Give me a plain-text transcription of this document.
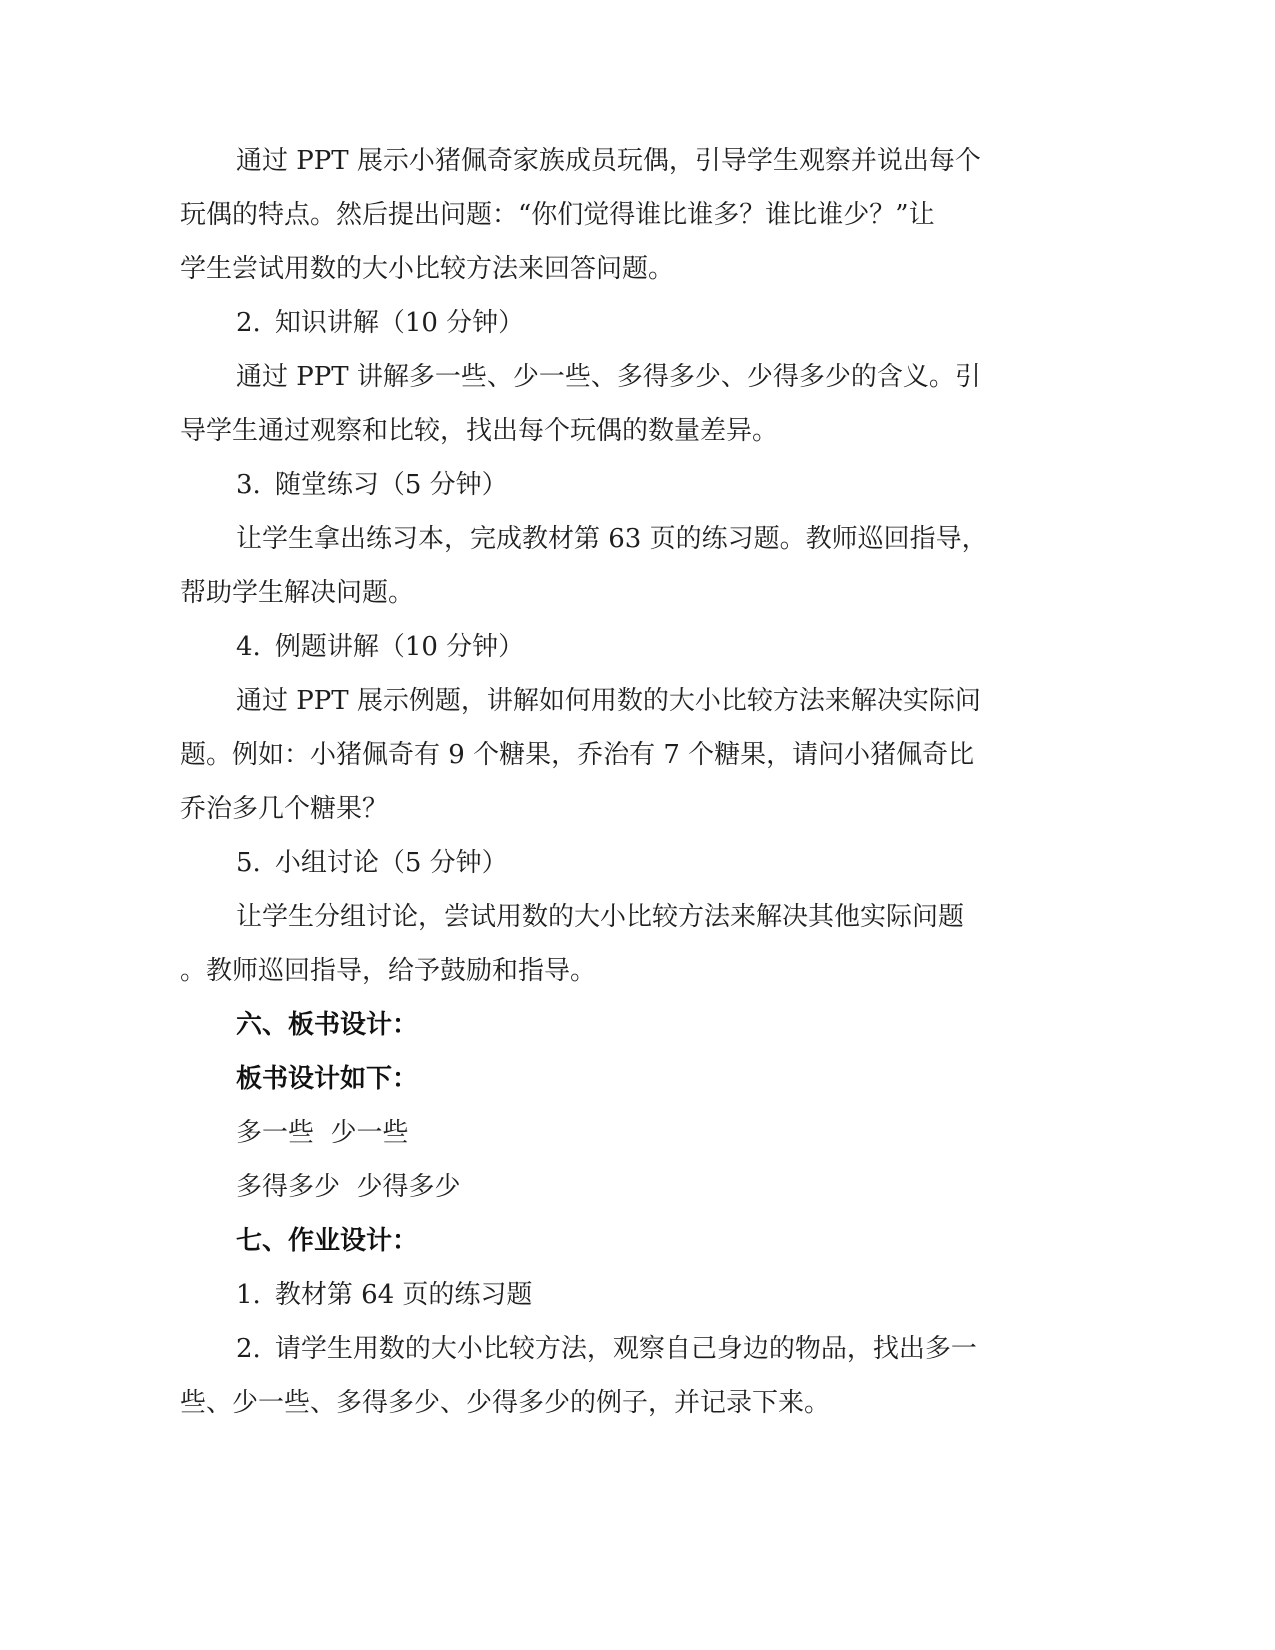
通过 PPT 展示小猪佩奇家族成员玩偶，引导学生观察并说出每个
玩偶的特点。然后提出问题：“你们觉得谁比谁多？谁比谁少？”让
学生尝试用数的大小比较方法来回答问题。
2. 知识讲解（10 分钟）
通过 PPT 讲解多一些、少一些、多得多少、少得多少的含义。引
导学生通过观察和比较，找出每个玩偶的数量差异。
3. 随堂练习（5 分钟）
让学生拿出练习本，完成教材第 63 页的练习题。教师巡回指导，
帮助学生解决问题。
4. 例题讲解（10 分钟）
通过 PPT 展示例题，讲解如何用数的大小比较方法来解决实际问
题。例如：小猪佩奇有 9 个糖果，乔治有 7 个糖果，请问小猪佩奇比
乔治多几个糖果？
5. 小组讨论（5 分钟）
让学生分组讨论，尝试用数的大小比较方法来解决其他实际问题
。教师巡回指导，给予鼓励和指导。
六、板书设计：
板书设计如下：
多一些  少一些
多得多少  少得多少
七、作业设计：
1. 教材第 64 页的练习题
2. 请学生用数的大小比较方法，观察自己身边的物品，找出多一
些、少一些、多得多少、少得多少的例子，并记录下来。
